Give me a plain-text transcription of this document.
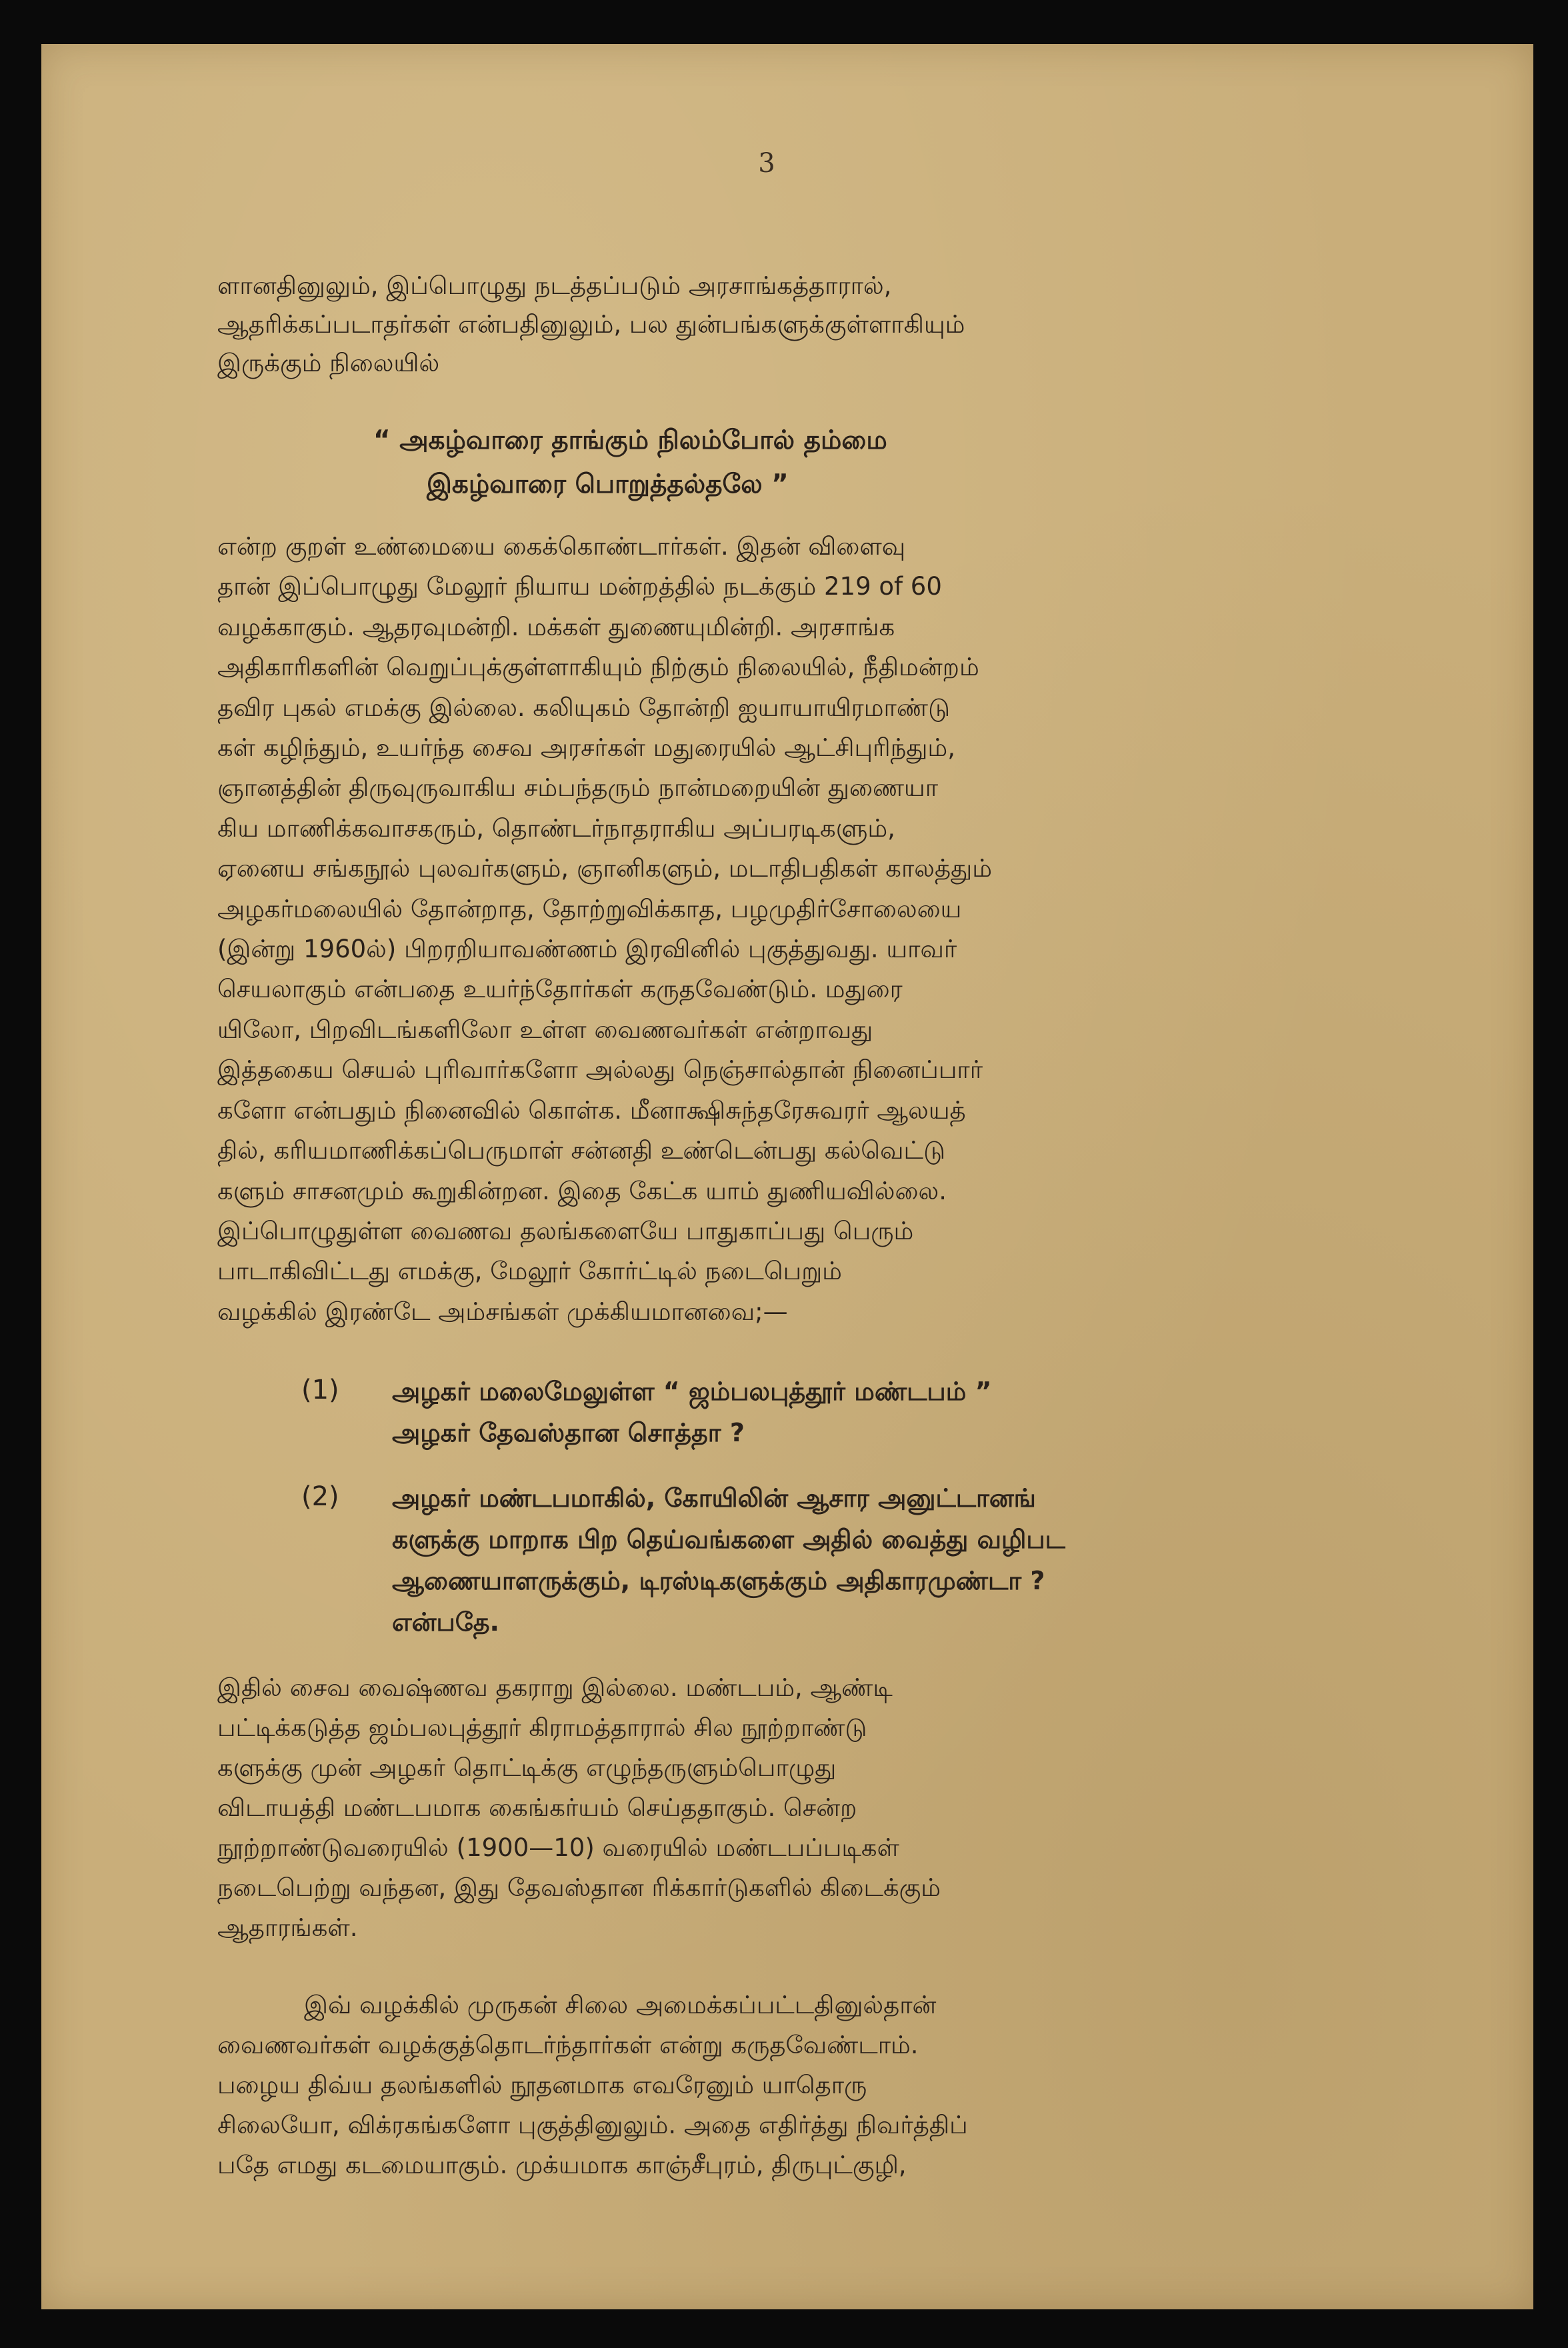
3
ளானதினுலும், இப்பொழுது நடத்தப்படும் அரசாங்கத்தாரால்,
ஆதரிக்கப்படாதர்கள் என்பதினுலும், பல துன்பங்களுக்குள்ளாகியும்
இருக்கும் நிலையில்
“ அகழ்வாரை தாங்கும் நிலம்போல் தம்மை
இகழ்வாரை பொறுத்தல்தலே ”
என்ற குறள் உண்மையை கைக்கொண்டார்கள். இதன் விளைவு
தான் இப்பொழுது மேலூர் நியாய மன்றத்தில் நடக்கும் 219 of 60
வழக்காகும். ஆதரவுமன்றி. மக்கள் துணையுமின்றி. அரசாங்க
அதிகாரிகளின் வெறுப்புக்குள்ளாகியும் நிற்கும் நிலையில், நீதிமன்றம்
தவிர புகல் எமக்கு இல்லை. கலியுகம் தோன்றி ஐயாயாயிரமாண்டு
கள் கழிந்தும், உயர்ந்த சைவ அரசர்கள் மதுரையில் ஆட்சிபுரிந்தும்,
ஞானத்தின் திருவுருவாகிய சம்பந்தரும் நான்மறையின் துணையா
கிய மாணிக்கவாசகரும், தொண்டர்நாதராகிய அப்பரடிகளும்,
ஏனைய சங்கநூல் புலவர்களும், ஞானிகளும், மடாதிபதிகள் காலத்தும்
அழகர்மலையில் தோன்றாத, தோற்றுவிக்காத, பழமுதிர்சோலையை
(இன்று 1960ல்) பிறரறியாவண்ணம் இரவினில் புகுத்துவது. யாவர்
செயலாகும் என்பதை உயர்ந்தோர்கள் கருதவேண்டும். மதுரை
யிலோ, பிறவிடங்களிலோ உள்ள வைணவர்கள் என்றாவது
இத்தகைய செயல் புரிவார்களோ அல்லது நெஞ்சால்தான் நினைப்பார்
களோ என்பதும் நினைவில் கொள்க. மீனாக்ஷிசுந்தரேசுவரர் ஆலயத்
தில், கரியமாணிக்கப்பெருமாள் சன்னதி உண்டென்பது கல்வெட்டு
களும் சாசனமும் கூறுகின்றன. இதை கேட்க யாம் துணியவில்லை.
இப்பொழுதுள்ள வைணவ தலங்களையே பாதுகாப்பது பெரும்
பாடாகிவிட்டது எமக்கு, மேலூர் கோர்ட்டில் நடைபெறும்
வழக்கில் இரண்டே அம்சங்கள் முக்கியமானவை;—
(1) அழகர் மலைமேலுள்ள “ ஜம்பலபுத்தூர் மண்டபம் ”
அழகர் தேவஸ்தான சொத்தா ?
(2) அழகர் மண்டபமாகில், கோயிலின் ஆசார அனுட்டானங்
களுக்கு மாறாக பிற தெய்வங்களை அதில் வைத்து வழிபட
ஆணையாளருக்கும், டிரஸ்டிகளுக்கும் அதிகாரமுண்டா ?
என்பதே.
இதில் சைவ வைஷ்ணவ தகராறு இல்லை. மண்டபம், ஆண்டி
பட்டிக்கடுத்த ஜம்பலபுத்தூர் கிராமத்தாரால் சில நூற்றாண்டு
களுக்கு முன் அழகர் தொட்டிக்கு எழுந்தருளும்பொழுது
விடாயத்தி மண்டபமாக கைங்கர்யம் செய்ததாகும். சென்ற
நூற்றாண்டுவரையில் (1900—10) வரையில் மண்டபப்படிகள்
நடைபெற்று வந்தன, இது தேவஸ்தான ரிக்கார்டுகளில் கிடைக்கும்
ஆதாரங்கள்.
இவ் வழக்கில் முருகன் சிலை அமைக்கப்பட்டதினுல்தான்
வைணவர்கள் வழக்குத்தொடர்ந்தார்கள் என்று கருதவேண்டாம்.
பழைய திவ்ய தலங்களில் நூதனமாக எவரேனும் யாதொரு
சிலையோ, விக்ரகங்களோ புகுத்தினுலும். அதை எதிர்த்து நிவர்த்திப்
பதே எமது கடமையாகும். முக்யமாக காஞ்சீபுரம், திருபுட்குழி,
